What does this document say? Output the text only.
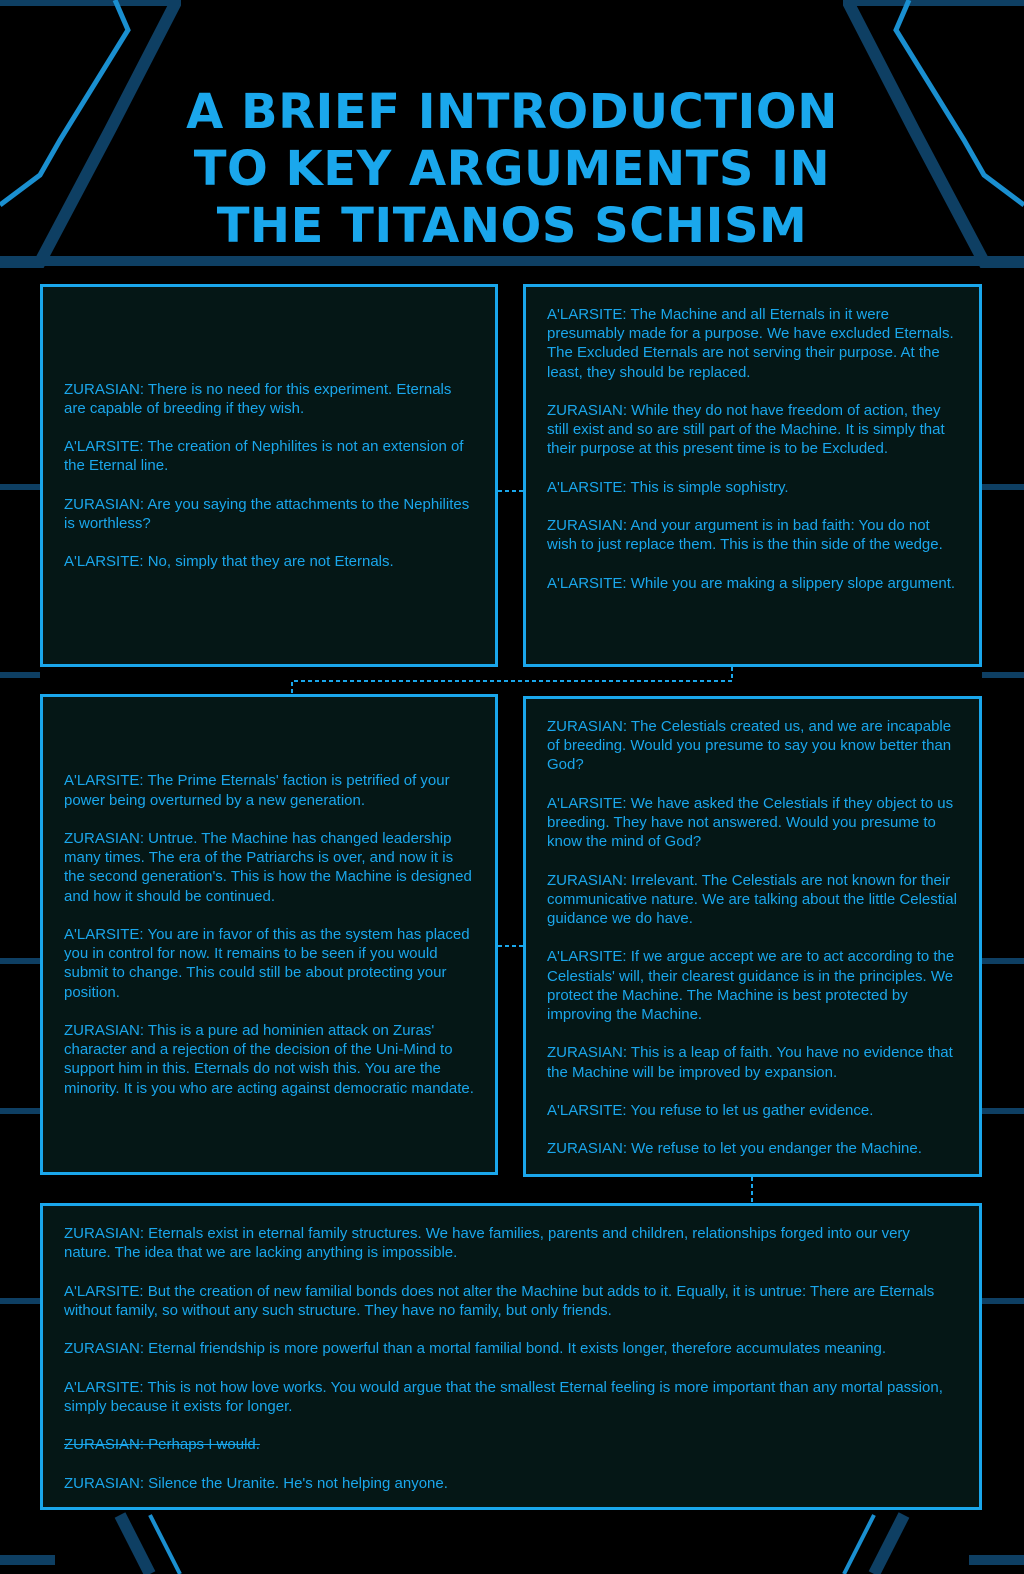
A BRIEF INTRODUCTION
TO KEY ARGUMENTS IN
THE TITANOS SCHISM

ZURASIAN: There is no need for this experiment. Eternals are capable of breeding if they wish.

A'LARSITE: The creation of Nephilites is not an extension of the Eternal line.

ZURASIAN: Are you saying the attachments to the Nephilites is worthless?

A'LARSITE: No, simply that they are not Eternals.

A'LARSITE: The Machine and all Eternals in it were presumably made for a purpose. We have excluded Eternals. The Excluded Eternals are not serving their purpose. At the least, they should be replaced.

ZURASIAN: While they do not have freedom of action, they still exist and so are still part of the Machine. It is simply that their purpose at this present time is to be Excluded.

A'LARSITE: This is simple sophistry.

ZURASIAN: And your argument is in bad faith: You do not wish to just replace them. This is the thin side of the wedge.

A'LARSITE: While you are making a slippery slope argument.

A'LARSITE: The Prime Eternals' faction is petrified of your power being overturned by a new generation.

ZURASIAN: Untrue. The Machine has changed leadership many times. The era of the Patriarchs is over, and now it is the second generation's. This is how the Machine is designed and how it should be continued.

A'LARSITE: You are in favor of this as the system has placed you in control for now. It remains to be seen if you would submit to change. This could still be about protecting your position.

ZURASIAN: This is a pure ad hominien attack on Zuras' character and a rejection of the decision of the Uni-Mind to support him in this. Eternals do not wish this. You are the minority. It is you who are acting against democratic mandate.

ZURASIAN: The Celestials created us, and we are incapable of breeding. Would you presume to say you know better than God?

A'LARSITE: We have asked the Celestials if they object to us breeding. They have not answered. Would you presume to know the mind of God?

ZURASIAN: Irrelevant. The Celestials are not known for their communicative nature. We are talking about the little Celestial guidance we do have.

A'LARSITE: If we argue accept we are to act according to the Celestials' will, their clearest guidance is in the principles. We protect the Machine. The Machine is best protected by improving the Machine.

ZURASIAN: This is a leap of faith. You have no evidence that the Machine will be improved by expansion.

A'LARSITE: You refuse to let us gather evidence.

ZURASIAN: We refuse to let you endanger the Machine.

ZURASIAN: Eternals exist in eternal family structures. We have families, parents and children, relationships forged into our very nature. The idea that we are lacking anything is impossible.

A'LARSITE: But the creation of new familial bonds does not alter the Machine but adds to it. Equally, it is untrue: There are Eternals without family, so without any such structure. They have no family, but only friends.

ZURASIAN: Eternal friendship is more powerful than a mortal familial bond. It exists longer, therefore accumulates meaning.

A'LARSITE: This is not how love works. You would argue that the smallest Eternal feeling is more important than any mortal passion, simply because it exists for longer.

ZURASIAN: Perhaps I would.

ZURASIAN: Silence the Uranite. He's not helping anyone.
